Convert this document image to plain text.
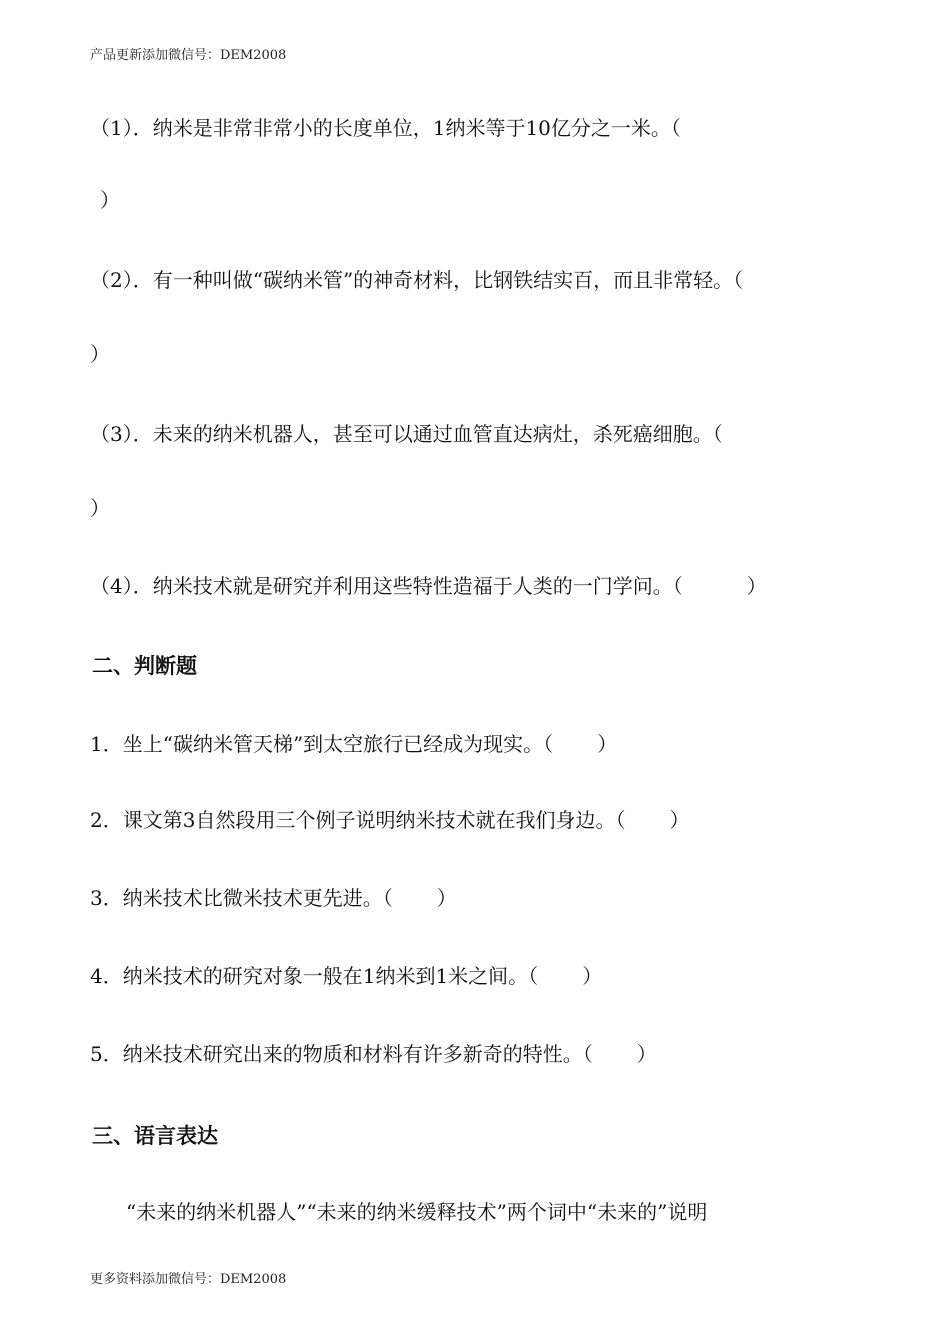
产品更新添加微信号：DEM2008
（1）．纳米是非常非常小的长度单位，1纳米等于10亿分之一米。（
）
（2）．有一种叫做“碳纳米管”的神奇材料，比钢铁结实百，而且非常轻。（
）
（3）．未来的纳米机器人，甚至可以通过血管直达病灶，杀死癌细胞。（
）
（4）．纳米技术就是研究并利用这些特性造福于人类的一门学问。（	）
二、判断题
1．坐上“碳纳米管天梯”到太空旅行已经成为现实。（ ）
2．课文第3自然段用三个例子说明纳米技术就在我们身边。（ ）
3．纳米技术比微米技术更先进。（ ）
4．纳米技术的研究对象一般在1纳米到1米之间。（ ）
5．纳米技术研究出来的物质和材料有许多新奇的特性。（ ）
三、语言表达
“未来的纳米机器人”“未来的纳米缓释技术”两个词中“未来的”说明
更多资料添加微信号：DEM2008
